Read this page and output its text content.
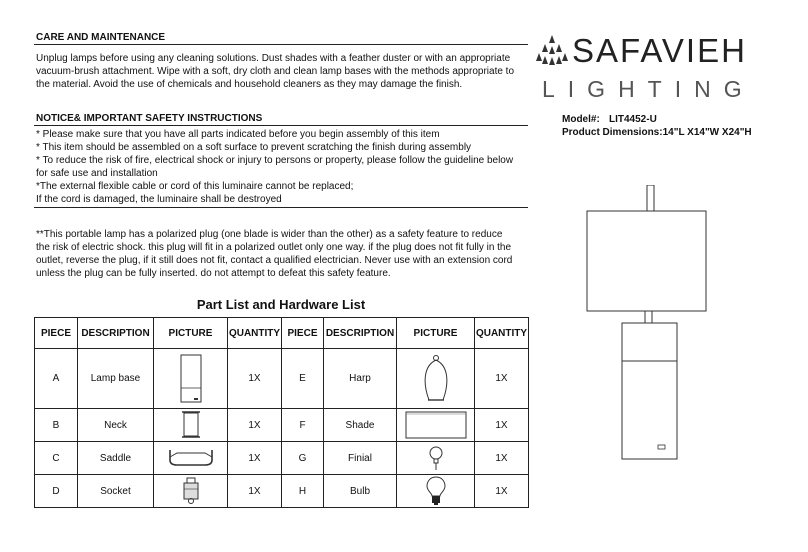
CARE AND MAINTENANCE
Unplug lamps before using any cleaning solutions. Dust shades with a feather duster or with an appropriate
vacuum-brush attachment. Wipe with a soft, dry cloth and clean lamp bases with the methods appropriate to
the material. Avoid the use of chemicals and household cleaners as they may damage the finish.
NOTICE& IMPORTANT SAFETY INSTRUCTIONS
* Please make sure that you have all parts indicated before you begin assembly of this item
* This item should be assembled on a soft surface to prevent scratching the finish during assembly
* To reduce the risk of fire, electrical shock or injury to persons or property, please follow the guideline below
for safe use and installation
*The external flexible cable or cord of this luminaire cannot be replaced;
If the cord is damaged, the luminaire shall be destroyed
**This portable lamp has a polarized plug (one blade is wider than the other) as a safety feature to reduce
the risk of electric shock. this plug will fit in a polarized outlet only one way. if the plug does not fit fully in the
outlet, reverse the plug, if it still does not fit, contact a qualified electrician. Never use with an extension cord
unless the plug can be fully inserted. do not attempt to defeat this safety feature.
Part List and Hardware List
PIECE	DESCRIPTION	PICTURE	QUANTITY	PIECE	DESCRIPTION	PICTURE	QUANTITY
A	Lamp base		1X	E	Harp		1X
B	Neck		1X	F	Shade		1X
C	Saddle		1X	G	Finial		1X
D	Socket		1X	H	Bulb		1X
SAFAVIEH
LIGHTING
Model#: LIT4452-U
Product Dimensions:14"L X14"W X24"H
